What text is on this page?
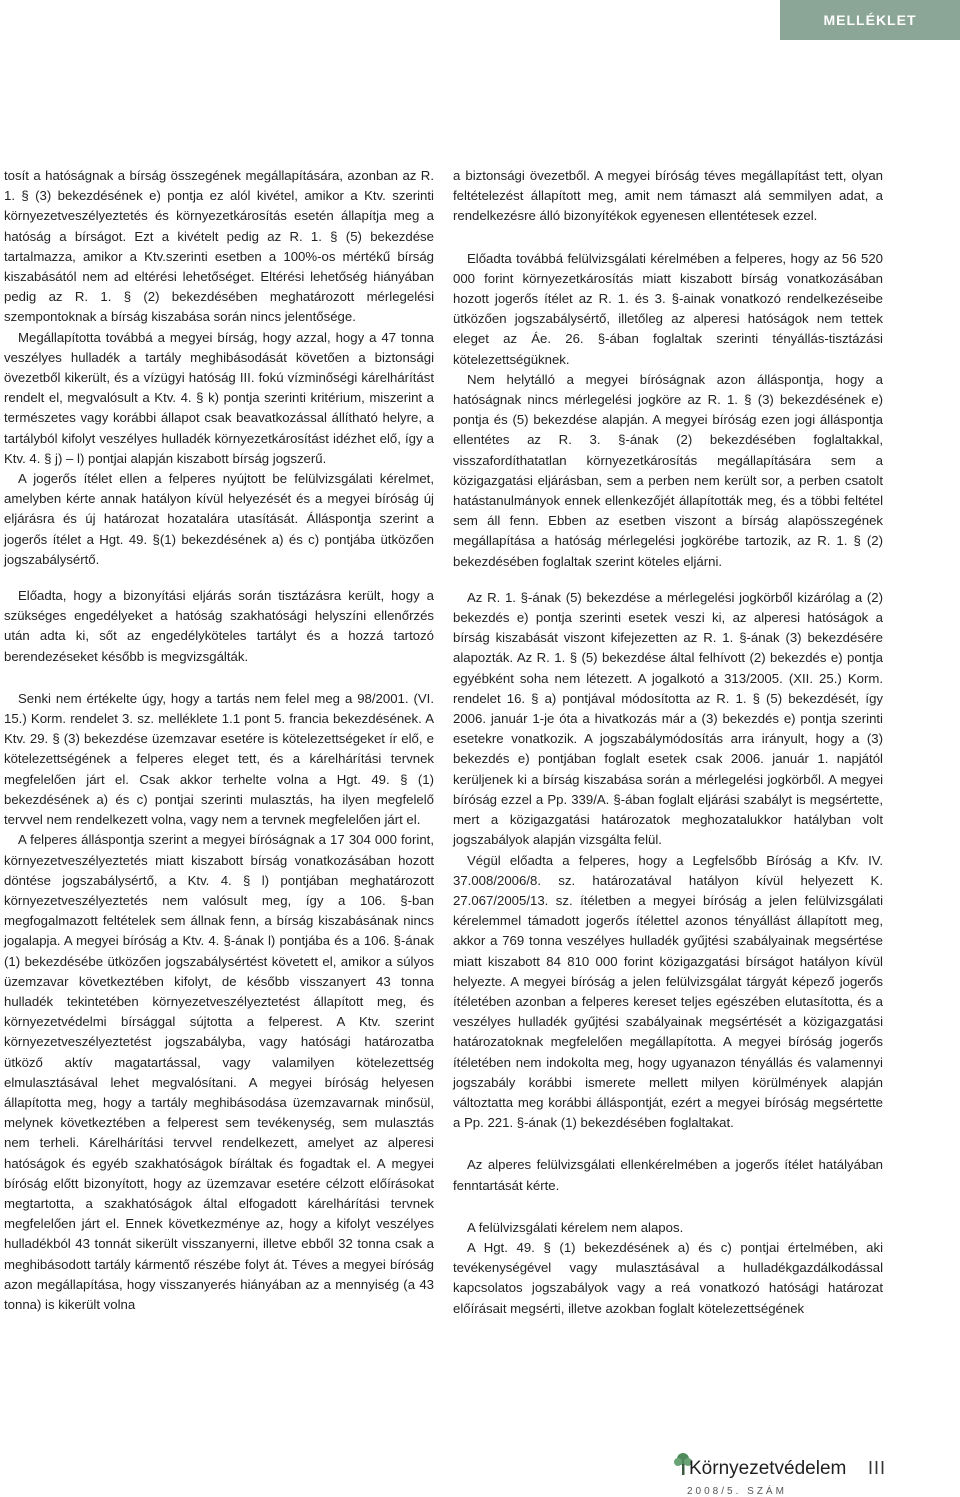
MELLÉKLET

tosít a hatóságnak a bírság összegének megállapítására, azonban az R. 1. § (3) bekezdésének e) pontja ez alól kivétel, amikor a Ktv. szerinti környezetveszélyeztetés és környezetkárosítás esetén állapítja meg a hatóság a bírságot. Ezt a kivételt pedig az R. 1. § (5) bekezdése tartalmazza, amikor a Ktv.szerinti esetben a 100%-os mértékű bírság kiszabásától nem ad eltérési lehetőséget. Eltérési lehetőség hiányában pedig az R. 1. § (2) bekezdésében meghatározott mérlegelési szempontoknak a bírság kiszabása során nincs jelentősége.

Megállapította továbbá a megyei bírság, hogy azzal, hogy a 47 tonna veszélyes hulladék a tartály meghibásodását követően a biztonsági övezetből kikerült, és a vízügyi hatóság III. fokú vízminőségi kárelhárítást rendelt el, megvalósult a Ktv. 4. § k) pontja szerinti kritérium, miszerint a természetes vagy korábbi állapot csak beavatkozással állítható helyre, a tartályból kifolyt veszélyes hulladék környezetkárosítást idézhet elő, így a Ktv. 4. § j) – l) pontjai alapján kiszabott bírság jogszerű.

A jogerős ítélet ellen a felperes nyújtott be felülvizsgálati kérelmet, amelyben kérte annak hatályon kívül helyezését és a megyei bíróság új eljárásra és új határozat hozatalára utasítását. Álláspontja szerint a jogerős ítélet a Hgt. 49. §(1) bekezdésének a) és c) pontjába ütközően jogszabálysértő.

Előadta, hogy a bizonyítási eljárás során tisztázásra került, hogy a szükséges engedélyeket a hatóság szakhatósági helyszíni ellenőrzés után adta ki, sőt az engedélyköteles tartályt és a hozzá tartozó berendezéseket később is megvizsgálták.

Senki nem értékelte úgy, hogy a tartás nem felel meg a 98/2001. (VI. 15.) Korm. rendelet 3. sz. melléklete 1.1 pont 5. francia bekezdésének. A Ktv. 29. § (3) bekezdése üzemzavar esetére is kötelezettségeket ír elő, e kötelezettségének a felperes eleget tett, és a kárelhárítási tervnek megfelelően járt el. Csak akkor terhelte volna a Hgt. 49. § (1) bekezdésének a) és c) pontjai szerinti mulasztás, ha ilyen megfelelő tervvel nem rendelkezett volna, vagy nem a tervnek megfelelően járt el.

A felperes álláspontja szerint a megyei bíróságnak a 17 304 000 forint, környezetveszélyeztetés miatt kiszabott bírság vonatkozásában hozott döntése jogszabálysértő, a Ktv. 4. § l) pontjában meghatározott környezetveszélyeztetés nem valósult meg, így a 106. §-ban megfogalmazott feltételek sem állnak fenn, a bírság kiszabásának nincs jogalapja. A megyei bíróság a Ktv. 4. §-ának l) pontjába és a 106. §-ának (1) bekezdésébe ütközően jogszabálysértést követett el, amikor a súlyos üzemzavar következtében kifolyt, de később visszanyert 43 tonna hulladék tekintetében környezetveszélyeztetést állapított meg, és környezetvédelmi bírsággal sújtotta a felperest. A Ktv. szerint környezetveszélyeztetést jogszabályba, vagy hatósági határozatba ütköző aktív magatartással, vagy valamilyen kötelezettség elmulasztásával lehet megvalósítani. A megyei bíróság helyesen állapította meg, hogy a tartály meghibásodása üzemzavarnak minősül, melynek következtében a felperest sem tevékenység, sem mulasztás nem terheli. Kárelhárítási tervvel rendelkezett, amelyet az alperesi hatóságok és egyéb szakhatóságok bíráltak és fogadtak el. A megyei bíróság előtt bizonyított, hogy az üzemzavar esetére célzott előírásokat megtartotta, a szakhatóságok által elfogadott kárelhárítási tervnek megfelelően járt el. Ennek következménye az, hogy a kifolyt veszélyes hulladékból 43 tonnát sikerült visszanyerni, illetve ebből 32 tonna csak a meghibásodott tartály kármentő részébe folyt át. Téves a megyei bíróság azon megállapítása, hogy visszanyerés hiányában az a mennyiség (a 43 tonna) is kikerült volna

a biztonsági övezetből. A megyei bíróság téves megállapítást tett, olyan feltételezést állapított meg, amit nem támaszt alá semmilyen adat, a rendelkezésre álló bizonyítékok egyenesen ellentétesek ezzel.

Előadta továbbá felülvizsgálati kérelmében a felperes, hogy az 56 520 000 forint környezetkárosítás miatt kiszabott bírság vonatkozásában hozott jogerős ítélet az R. 1. és 3. §-ainak vonatkozó rendelkezéseibe ütközően jogszabálysértő, illetőleg az alperesi hatóságok nem tettek eleget az Áe. 26. §-ában foglaltak szerinti tényállás-tisztázási kötelezettségüknek.

Nem helytálló a megyei bíróságnak azon álláspontja, hogy a hatóságnak nincs mérlegelési jogköre az R. 1. § (3) bekezdésének e) pontja és (5) bekezdése alapján. A megyei bíróság ezen jogi álláspontja ellentétes az R. 3. §-ának (2) bekezdésében foglaltakkal, visszafordíthatatlan környezetkárosítás megállapítására sem a közigazgatási eljárásban, sem a perben nem került sor, a perben csatolt hatástanulmányok ennek ellenkezőjét állapították meg, és a többi feltétel sem áll fenn. Ebben az esetben viszont a bírság alapösszegének megállapítása a hatóság mérlegelési jogkörébe tartozik, az R. 1. § (2) bekezdésében foglaltak szerint köteles eljárni.

Az R. 1. §-ának (5) bekezdése a mérlegelési jogkörből kizárólag a (2) bekezdés e) pontja szerinti esetek veszi ki, az alperesi hatóságok a bírság kiszabását viszont kifejezetten az R. 1. §-ának (3) bekezdésére alapozták. Az R. 1. § (5) bekezdése által felhívott (2) bekezdés e) pontja egyébként soha nem létezett. A jogalkotó a 313/2005. (XII. 25.) Korm. rendelet 16. § a) pontjával módosította az R. 1. § (5) bekezdését, így 2006. január 1-je óta a hivatkozás már a (3) bekezdés e) pontja szerinti esetekre vonatkozik. A jogszabálymódosítás arra irányult, hogy a (3) bekezdés e) pontjában foglalt esetek csak 2006. január 1. napjától kerüljenek ki a bírság kiszabása során a mérlegelési jogkörből. A megyei bíróság ezzel a Pp. 339/A. §-ában foglalt eljárási szabályt is megsértette, mert a közigazgatási határozatok meghozatalukkor hatályban volt jogszabályok alapján vizsgálta felül.

Végül előadta a felperes, hogy a Legfelsőbb Bíróság a Kfv. IV. 37.008/2006/8. sz. határozatával hatályon kívül helyezett K. 27.067/2005/13. sz. ítéletben a megyei bíróság a jelen felülvizsgálati kérelemmel támadott jogerős ítélettel azonos tényállást állapított meg, akkor a 769 tonna veszélyes hulladék gyűjtési szabályainak megsértése miatt kiszabott 84 810 000 forint közigazgatási bírságot hatályon kívül helyezte. A megyei bíróság a jelen felülvizsgálat tárgyát képező jogerős ítéletében azonban a felperes kereset teljes egészében elutasította, és a veszélyes hulladék gyűjtési szabályainak megsértését a közigazgatási határozatoknak megfelelően megállapította. A megyei bíróság jogerős ítéletében nem indokolta meg, hogy ugyanazon tényállás és valamennyi jogszabály korábbi ismerete mellett milyen körülmények alapján változtatta meg korábbi álláspontját, ezért a megyei bíróság megsértette a Pp. 221. §-ának (1) bekezdésében foglaltakat.

Az alperes felülvizsgálati ellenkérelmében a jogerős ítélet hatályában fenntartását kérte.

A felülvizsgálati kérelem nem alapos.

A Hgt. 49. § (1) bekezdésének a) és c) pontjai értelmében, aki tevékenységével vagy mulasztásával a hulladékgazdálkodással kapcsolatos jogszabályok vagy a reá vonatkozó hatósági határozat előírásait megsérti, illetve azokban foglalt kötelezettségének

Környezetvédelem III
2008/5. SZÁM
